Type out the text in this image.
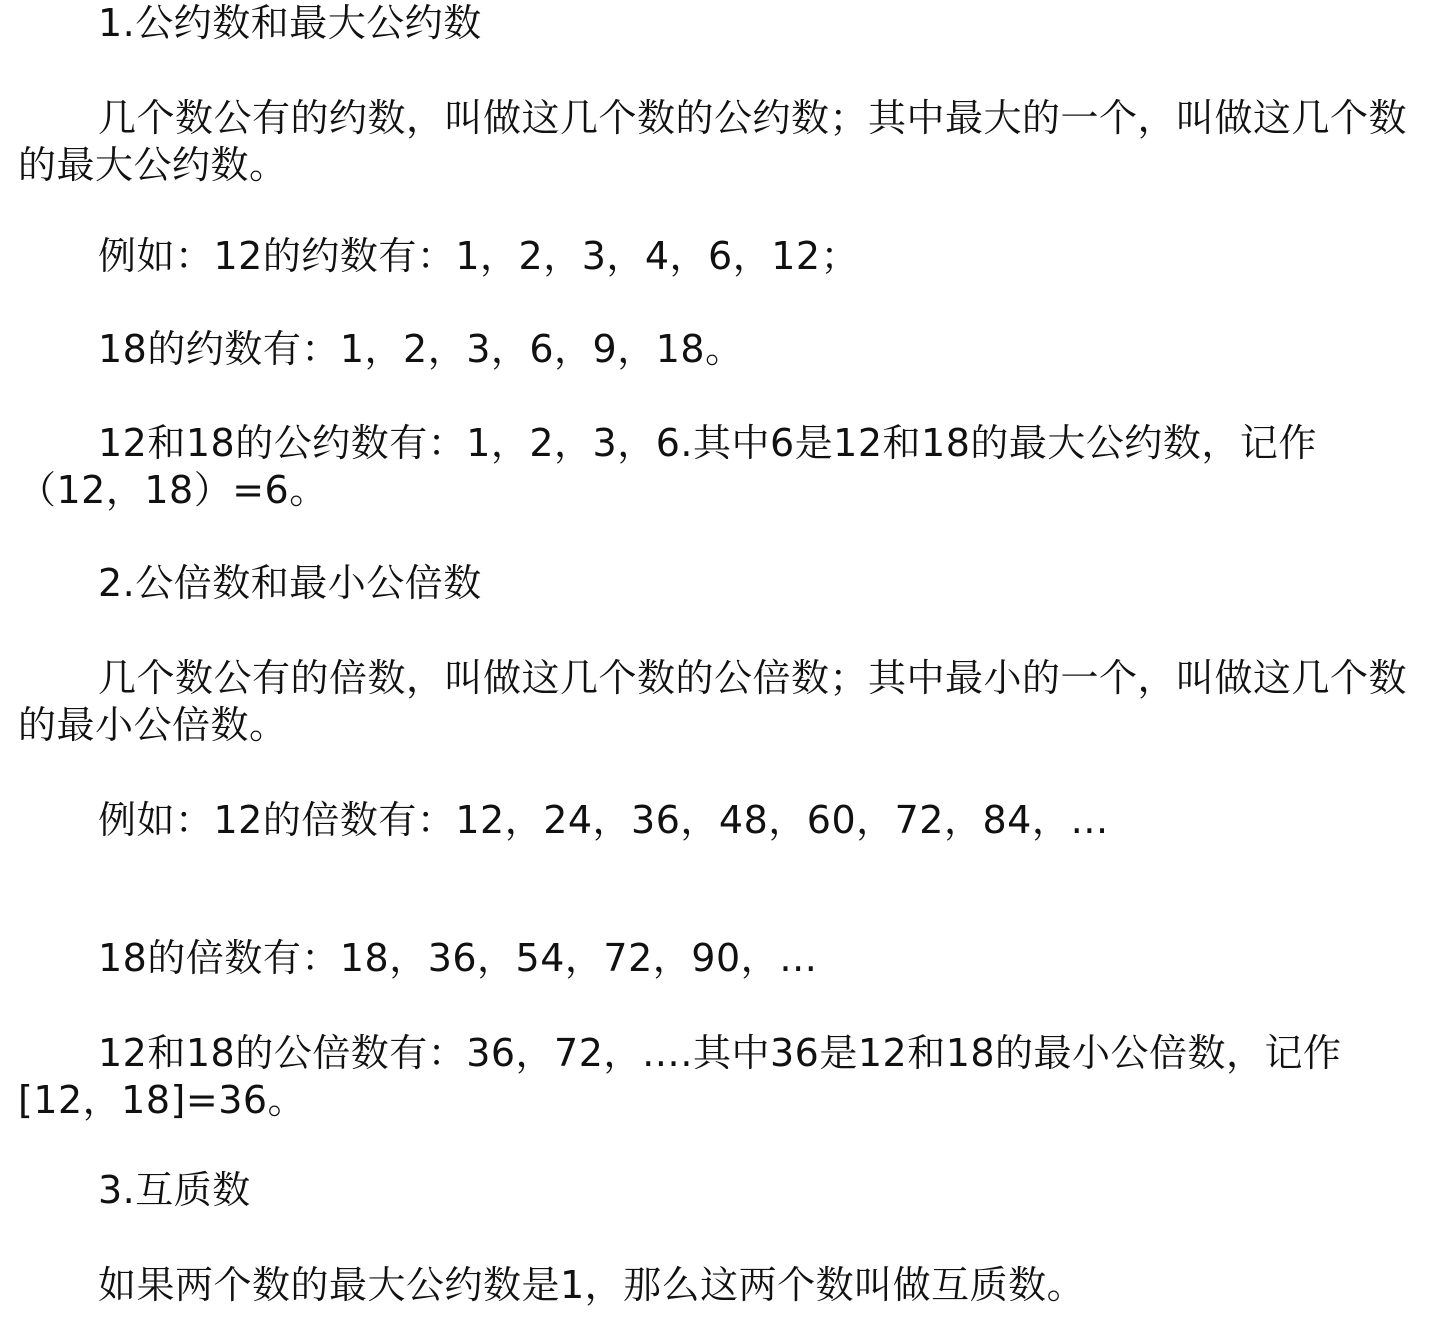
1.公约数和最大公约数

几个数公有的约数，叫做这几个数的公约数；其中最大的一个，叫做这几个数的最大公约数。

例如：12的约数有：1，2，3，4，6，12；

18的约数有：1，2，3，6，9，18。

12和18的公约数有：1，2，3，6.其中6是12和18的最大公约数，记作（12，18）=6。

2.公倍数和最小公倍数

几个数公有的倍数，叫做这几个数的公倍数；其中最小的一个，叫做这几个数的最小公倍数。

例如：12的倍数有：12，24，36，48，60，72，84，…

18的倍数有：18，36，54，72，90，…

12和18的公倍数有：36，72，….其中36是12和18的最小公倍数，记作[12，18]=36。

3.互质数

如果两个数的最大公约数是1，那么这两个数叫做互质数。
